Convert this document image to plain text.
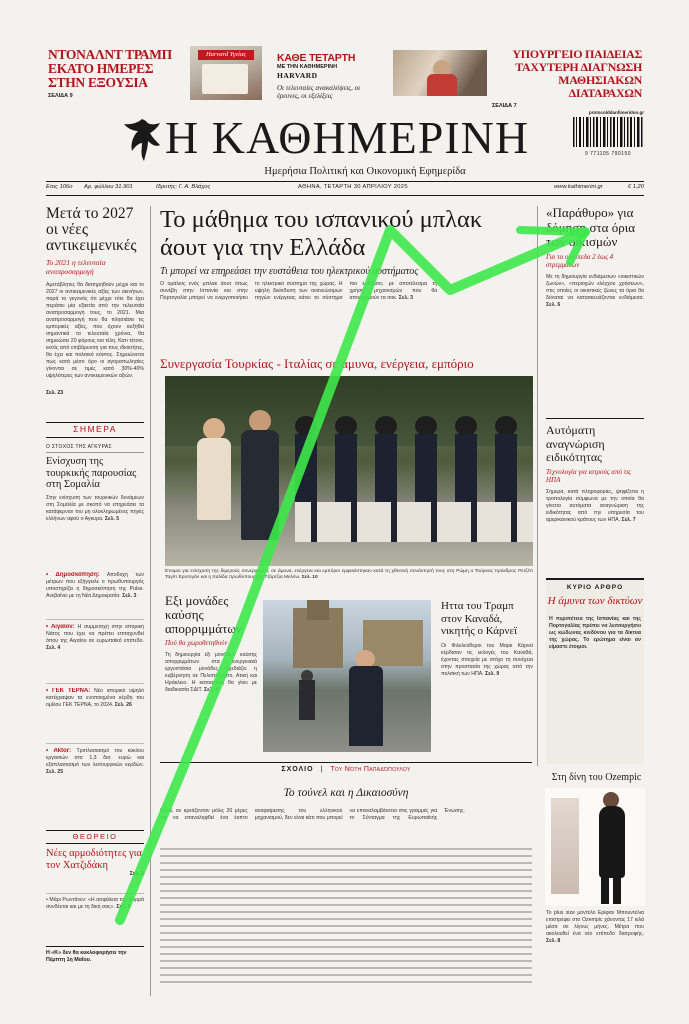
ΝΤΟΝΑΛΝΤ ΤΡΑΜΠ ΕΚΑΤΟ ΗΜΕΡΕΣ ΣΤΗΝ ΕΞΟΥΣΙΑ
ΣΕΛΙΔΑ 9
Harvard Υγείας	ΚΑΘΕ ΤΕΤΑΡΤΗ
ΜΕ ΤΗΝ ΚΑΘΗΜΕΡΙΝΗ
HARVARD
Οι τελευταίες ανακαλύψεις, οι έρευνες, οι εξελίξεις
ΥΠΟΥΡΓΕΙΟ ΠΑΙΔΕΙΑΣ ΤΑΧΥΤΕΡΗ ΔΙΑΓΝΩΣΗ ΜΑΘΗΣΙΑΚΩΝ ΔΙΑΤΑΡΑΧΩΝ
ΣΕΛΙΔΑ 7
protocolddanfimeridon.gr
9 771105 790150
Η ΚΑΘΗΜΕΡΙΝΗ
Ημερήσια Πολιτική και Οικονομική Εφημερίδα
Ετος 106ο Αρ. φύλλου 31.901	Ιδρυτής: Γ. Α. Βλάχος	ΑΘΗΝΑ, ΤΕΤΑΡΤΗ 30 ΑΠΡΙΛΙΟΥ 2025	www.kathimerini.gr	€ 1,20
Μετά το 2027 οι νέες αντικειμενικές
Το 2021 η τελευταία αναπροσαρμογή
Αμετάβλητες θα διατηρηθούν μέχρι και το 2027 οι αντικειμενικές αξίες των ακινήτων, παρά το γεγονός ότι μέχρι τότε θα έχει περάσει μία εξαετία από την τελευταία αναπροσαρμογή τους, το 2021. Μια αναπροσαρμογή που θα πλησιάσει τις εμπορικές αξίες, που έχουν αυξηθεί σημαντικά τα τελευταία χρόνια, θα σημειώσει 20 φόρους και τέλη. Κατι τέτοιο, εκτός από επιβάρυνση για τους ιδιοκτήτες, θα έχει και πολιτικό κόστος. Σημειώνεται πως κατά μέσο όρο οι αγοραπωλησίες γίνονται σε τιμές κατά 30%-40% υψηλότερες των αντικειμενικών αξιών.
Σελ. 23
ΣΗΜΕΡΑ
Ο ΣΤΟΧΟΣ ΤΗΣ ΑΓΚΥΡΑΣ
Ενίσχυση της τουρκικής παρουσίας στη Σομαλία
Στην ενίσχυση των τουρκικών δυνάμεων στη Σομαλία με σκοπό να επηρεάσει τα κατάφερναν του μη ολοκληρωμένες πηγές ελλήνων αφού ο Αγκυρα. Σελ. 5
• Δημοσκόπηση: Αποδοχή των μέτρων που εξήγγειλε ο πρωθυπουργός υποστηρίζει η δημοσκόπηση της Pulse. Ανεβαίνει με τη Νέα Δημοκρατία. Σελ. 3
• Αιγαίον: Η συμμετοχή στην ιστορική Νάτος που έχει να πρέπει επιταχυνθεί όπου της Αιγαίου σε ευρωπαϊκό επίπεδο. Σελ. 4
• ΓΕΚ ΤΕΡΝΑ: Νέο ιστορικό υψηλό κατέγραψαν τα ενοποιημένα κέρδη του ομίλου ΓΕΚ ΤΕΡΝΑ, το 2024. Σελ. 26
• Aktor: Τριπλασιασμό του κύκλου εργασιών στα 1,3 δισ. ευρώ και εξαπλασιασμό των λειτουργικών κερδών. Σελ. 25
ΘΕΩΡΕΙΟ
Νέες αρμοδιότητες για τον Χατζιδάκη
Σελ. 2
• Μάρι Ρωντάνεν: «Η ασφάλεια του Βορρά συνδέεται και με τη δική σας». Σελ. 8
Η «Κ» δεν θα κυκλοφορήσει την Πέμπτη 1η Μαΐου.
Το μάθημα του ισπανικού μπλακ άουτ για την Ελλάδα
Τι μπορεί να επηρεάσει την ευστάθεια του ηλεκτρικού συστήματος
Ο ομάλιος ενός μπλακ άουτ όπως συνέβη στην Ισπανία και στην Πορτογαλία μπορεί να ενεργοποιήσει το ηλεκτρικό σύστημα της χώρας. Η υψηλή διείσδυση των ανανεώσιμων πηγών ενέργειας κάνει το σύστημα πιο ευάλωτο, με αποτέλεσμα τη χρήση μηχανισμών που θα απορροφούν τα σοκ. Σελ. 3
Συνεργασία Τουρκίας - Ιταλίας σε άμυνα, ενέργεια, εμπόριο
Ετοιμοι για ενίσχυση της διμερούς συνεργασίας σε άμυνα, ενέργεια και εμπόριο εμφανίστηκαν κατά τη χθεσινή συνάντησή τους στη Ρώμη ο Τούρκος πρόεδρος Ρετζέπ Ταγίπ Ερντογάν και η Ιταλίδα πρωθυπουργός Τζόρτζια Μελόνι. Σελ. 10
Εξι μονάδες καύσης απορριμμάτων
Πού θα χωροθετηθούν
Τη δημιουργία έξι μονάδων καύσης απορριμμάτων στα ενεργειακά εργοστάσια μονάδες σχεδιάζει η κυβέρνηση σε Πελοπόννησο, Ατική και Ηράκλειο. Η κατασκευή θα γίνει με διαδικασία ΣΔΙΤ. Σελ. 6
Ηττα του Τραμπ στον Καναδά, νικητής ο Κάρνεϊ
Οι Φιλελεύθεροι του Μαρκ Κάρνεϊ κέρδισαν τις εκλογές του Καναδά, έχοντας στοιχεία με στόχο τη συνέχεια στην προστασία της χώρας από την πολιτική των ΗΠΑ. Σελ. 9
ΣΧΟΛΙΟ | Του Νότη Παπαδόπουλου
Το τούνελ και η Δικαιοσύνη
Καλά, αν κρεάζονταν μόλις 20 μέρες για να επαναληφθεί ένα έκπτο αναφαίρεσης του ελληνικού μηχανισμού, δεν είναι κάτι που μπορεί να επαναλαμβάνεται στις γραμμές για το Σύνταγμα της Ευρωπαϊκής Ένωσης.
«Παράθυρο» για δόμηση στα όρια των οικισμών
Για τα οικόπεδα 2 έως 4 στρεμμάτων
Με τη δημιουργία ενδιάμεσων «οικιστικών ζωνών», «περιοχών ελέγχου χρήσεων», στις οποίες οι οικιστικές ζώνες τα όρια θα δύναται να κατασκευάζονται ενδιάμεσα. Σελ. 6
Αυτόματη αναγνώριση ειδικότητας
Τεχνολογία για ιατρούς από τις ΗΠΑ
Σήμερα, κατά πληροφορίες, ψηφίζεται η τροπολογία σύμφωνα με την οποία θα γίνεται αυτόματα αναγνώριση της ειδικότητας από την υπηρεσία του αμερικανικού κράτους των ΗΠΑ. Σελ. 7
ΚΥΡΙΟ ΑΡΘΡΟ
Η άμυνα των δικτύων
Η περιπέτεια της Ισπανίας και της Πορτογαλίας πρέπει να λειτουργήσει ως κώδωνας κινδύνου για τα δίκτυα της χώρας. Το ερώτημα είναι αν είμαστε έτοιμοι.
Στη δίνη του Ozempic
Το plus size μοντέλο Ερίφαν Μπουντέλια επιστρέφει στο Ozempic χάνοντας 17 κιλά μέσα σε λίγους μήνες. Μέτρα που ακολουθεί ένα νέο επίπεδο διατροφής. Σελ. 8
